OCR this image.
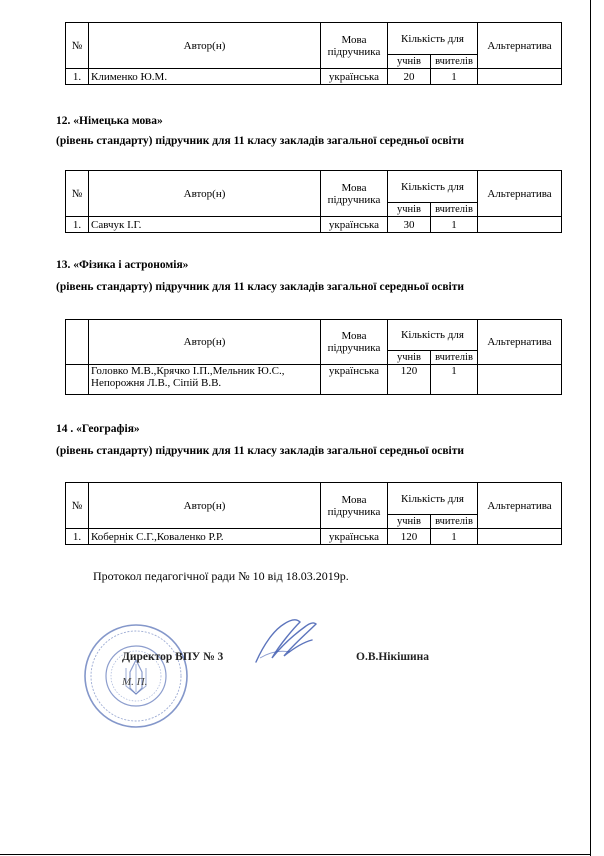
№	Автор(н)	Мова підручника	Кількість для		Альтернатива
			учнів	вчителів	
1.	Клименко Ю.М.	українська	20	1	
12. «Німецька мова»
(рівень стандарту) підручник для 11 класу закладів загальної середньої освіти
№	Автор(н)	Мова підручника	Кількість для		Альтернатива
			учнів	вчителів	
1.	Савчук І.Г.	українська	30	1	
13. «Фізика і астрономія»
(рівень стандарту) підручник для 11 класу закладів загальної середньої освіти
	Автор(н)	Мова підручника	Кількість для		Альтернатива
			учнів	вчителів	
	Головко М.В.,Крячко І.П.,Мельник Ю.С., Непорожня Л.В., Сіпій В.В.	українська	120	1	
14 . «Географія»
(рівень стандарту) підручник для 11 класу закладів загальної середньої освіти
№	Автор(н)	Мова підручника	Кількість для		Альтернатива
			учнів	вчителів	
1.	Кобернік С.Г.,Коваленко Р.Р.	українська	120	1	
Протокол педагогічної ради № 10 від 18.03.2019р.
Директор ВПУ № 3	О.В.Нікішина
М. П.
